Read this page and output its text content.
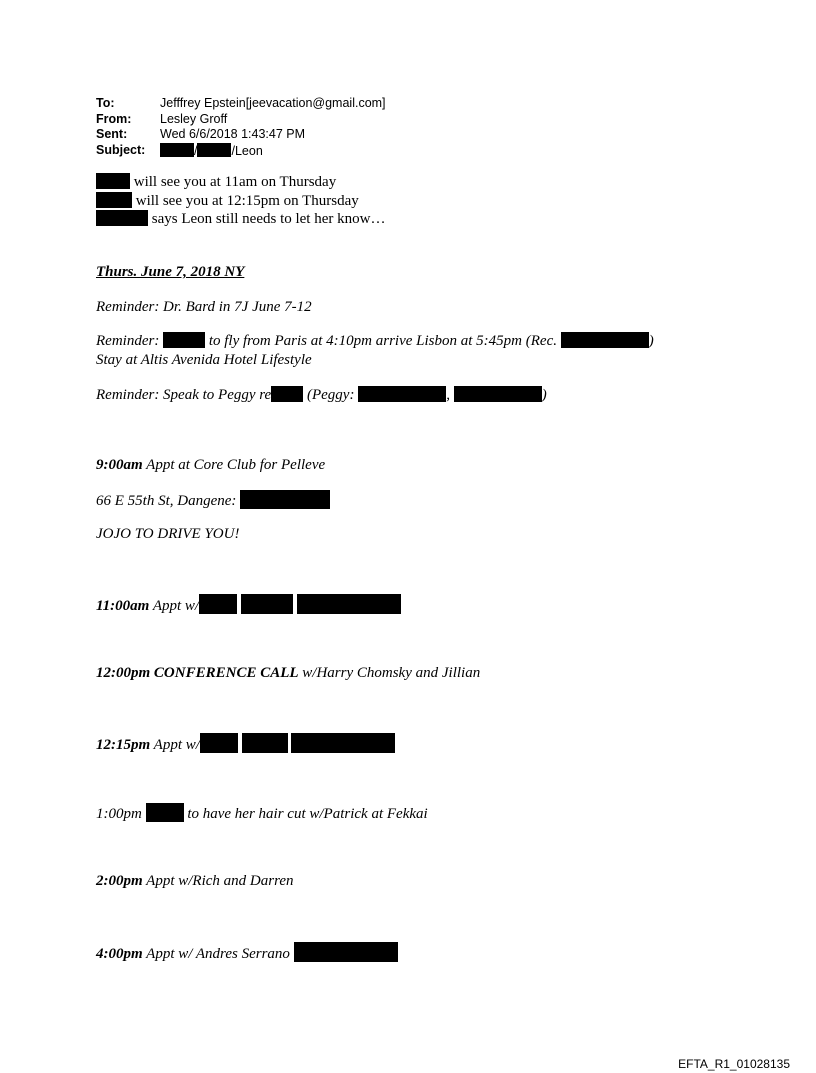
To:	Jefffrey Epstein[jeevacation@gmail.com]
From:	Lesley Groff
Sent:	Wed 6/6/2018 1:43:47 PM
Subject:	/	/Leon
will see you at 11am on Thursday
will see you at 12:15pm on Thursday
says Leon still needs to let her know…
Thurs. June 7, 2018 NY
Reminder: Dr. Bard in 7J June 7-12
Reminder:	to fly from Paris at 4:10pm arrive Lisbon at 5:45pm (Rec.	)
Stay at Altis Avenida Hotel Lifestyle
Reminder: Speak to Peggy re (Peggy:	,	)
9:00am Appt at Core Club for Pelleve
66 E 55th St, Dangene:
JOJO TO DRIVE YOU!
11:00am Appt w/
12:00pm CONFERENCE CALL w/Harry Chomsky and Jillian
12:15pm Appt w/
1:00pm	to have her hair cut w/Patrick at Fekkai
2:00pm Appt w/Rich and Darren
4:00pm Appt w/ Andres Serrano
EFTA_R1_01028135
